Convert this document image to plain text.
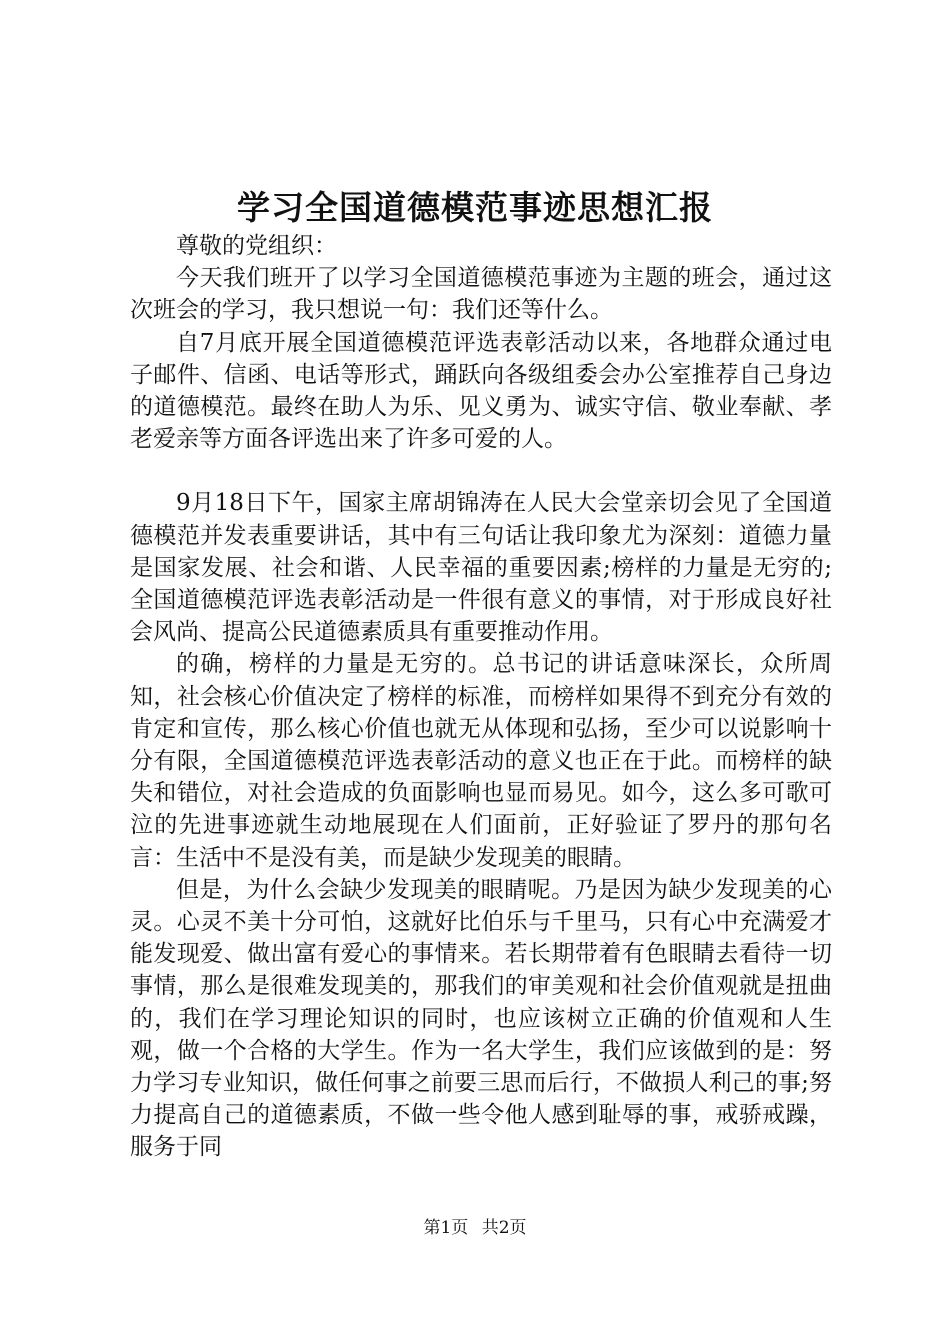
学习全国道德模范事迹思想汇报

尊敬的党组织：

今天我们班开了以学习全国道德模范事迹为主题的班会，通过这次班会的学习，我只想说一句：我们还等什么。

自7月底开展全国道德模范评选表彰活动以来，各地群众通过电子邮件、信函、电话等形式，踊跃向各级组委会办公室推荐自己身边的道德模范。最终在助人为乐、见义勇为、诚实守信、敬业奉献、孝老爱亲等方面各评选出来了许多可爱的人。

9月18日下午，国家主席胡锦涛在人民大会堂亲切会见了全国道德模范并发表重要讲话，其中有三句话让我印象尤为深刻：道德力量是国家发展、社会和谐、人民幸福的重要因素;榜样的力量是无穷的;全国道德模范评选表彰活动是一件很有意义的事情，对于形成良好社会风尚、提高公民道德素质具有重要推动作用。

的确，榜样的力量是无穷的。总书记的讲话意味深长，众所周知，社会核心价值决定了榜样的标准，而榜样如果得不到充分有效的肯定和宣传，那么核心价值也就无从体现和弘扬，至少可以说影响十分有限，全国道德模范评选表彰活动的意义也正在于此。而榜样的缺失和错位，对社会造成的负面影响也显而易见。如今，这么多可歌可泣的先进事迹就生动地展现在人们面前，正好验证了罗丹的那句名言：生活中不是没有美，而是缺少发现美的眼睛。

但是，为什么会缺少发现美的眼睛呢。乃是因为缺少发现美的心灵。心灵不美十分可怕，这就好比伯乐与千里马，只有心中充满爱才能发现爱、做出富有爱心的事情来。若长期带着有色眼睛去看待一切事情，那么是很难发现美的，那我们的审美观和社会价值观就是扭曲的，我们在学习理论知识的同时，也应该树立正确的价值观和人生观，做一个合格的大学生。作为一名大学生，我们应该做到的是：努力学习专业知识，做任何事之前要三思而后行，不做损人利己的事;努力提高自己的道德素质，不做一些令他人感到耻辱的事，戒骄戒躁，服务于同

第1页 共2页
